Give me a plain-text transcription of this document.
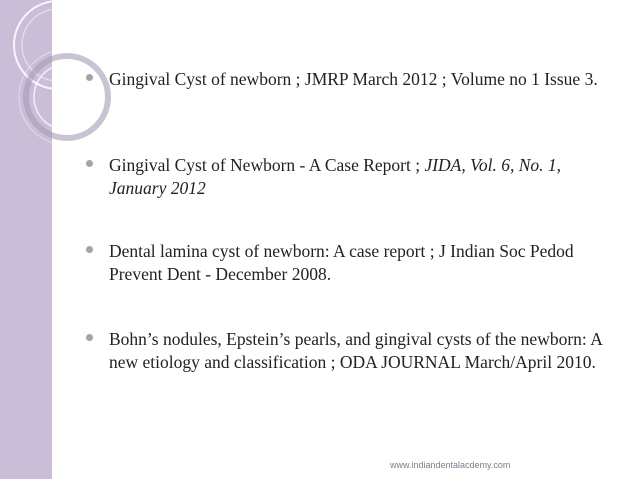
Gingival Cyst of newborn ; JMRP March 2012 ; Volume no 1 Issue 3.
Gingival Cyst of Newborn - A Case Report ; JIDA, Vol. 6, No. 1, January 2012
Dental lamina cyst of newborn: A case report ; J Indian Soc Pedod Prevent Dent - December 2008.
Bohn’s nodules, Epstein’s pearls, and gingival cysts of the newborn: A new etiology and classification ; ODA JOURNAL March/April 2010.
www.indiandentalacdemy.com
